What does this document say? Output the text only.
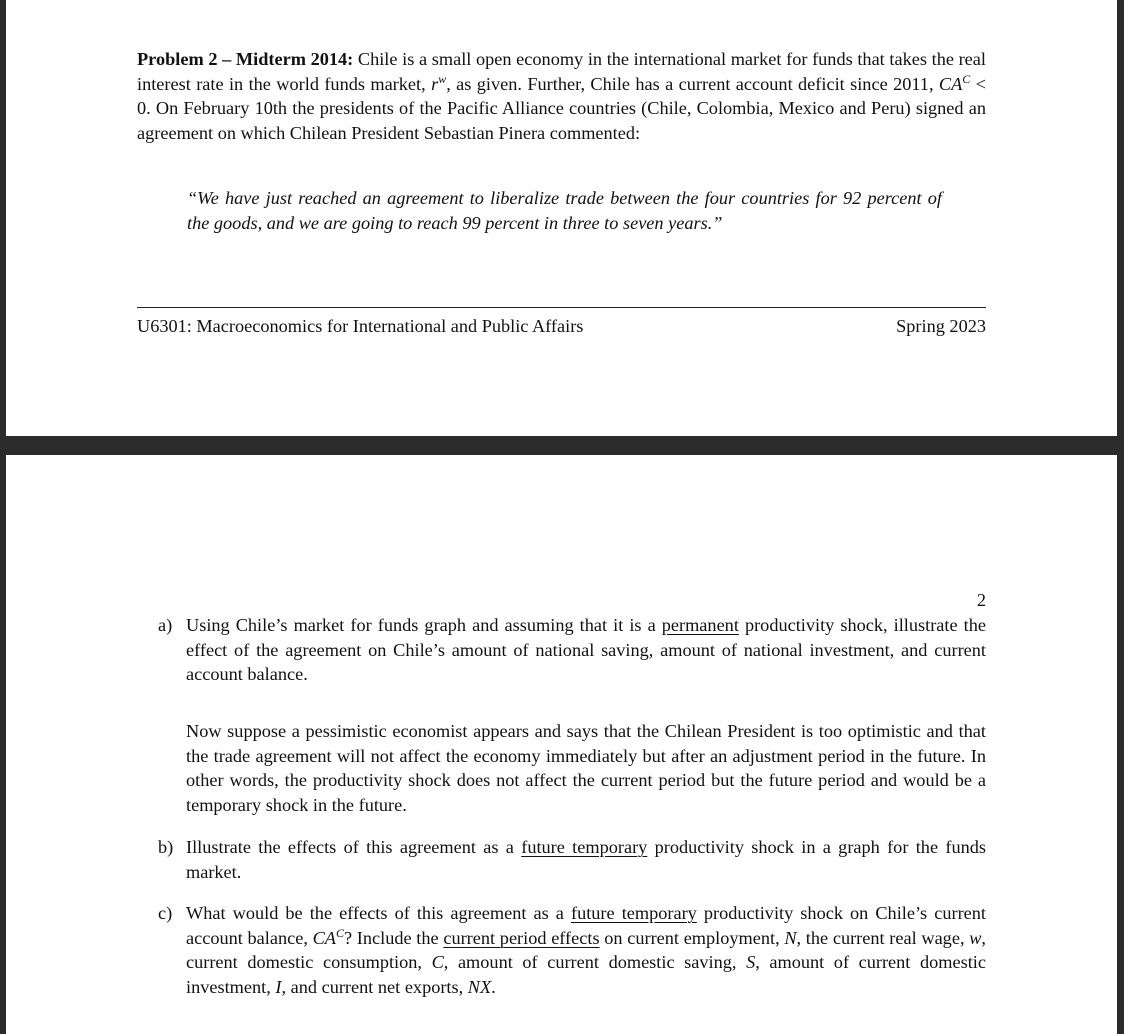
Problem 2 – Midterm 2014: Chile is a small open economy in the international market for funds that takes the real interest rate in the world funds market, $r^w$, as given. Further, Chile has a current account deficit since 2011, $CA^C < 0$. On February 10th the presidents of the Pacific Alliance countries (Chile, Colombia, Mexico and Peru) signed an agreement on which Chilean President Sebastian Pinera commented:
“We have just reached an agreement to liberalize trade between the four countries for 92 percent of the goods, and we are going to reach 99 percent in three to seven years.”
U6301: Macroeconomics for International and Public Affairs	Spring 2023
2
a) Using Chile’s market for funds graph and assuming that it is a permanent productivity shock, illustrate the effect of the agreement on Chile’s amount of national saving, amount of national investment, and current account balance.
Now suppose a pessimistic economist appears and says that the Chilean President is too optimistic and that the trade agreement will not affect the economy immediately but after an adjustment period in the future. In other words, the productivity shock does not affect the current period but the future period and would be a temporary shock in the future.
b) Illustrate the effects of this agreement as a future temporary productivity shock in a graph for the funds market.
c) What would be the effects of this agreement as a future temporary productivity shock on Chile’s current account balance, $CA^C$? Include the current period effects on current employment, N, the current real wage, w, current domestic consumption, C, amount of current domestic saving, S, amount of current domestic investment, I, and current net exports, NX.
